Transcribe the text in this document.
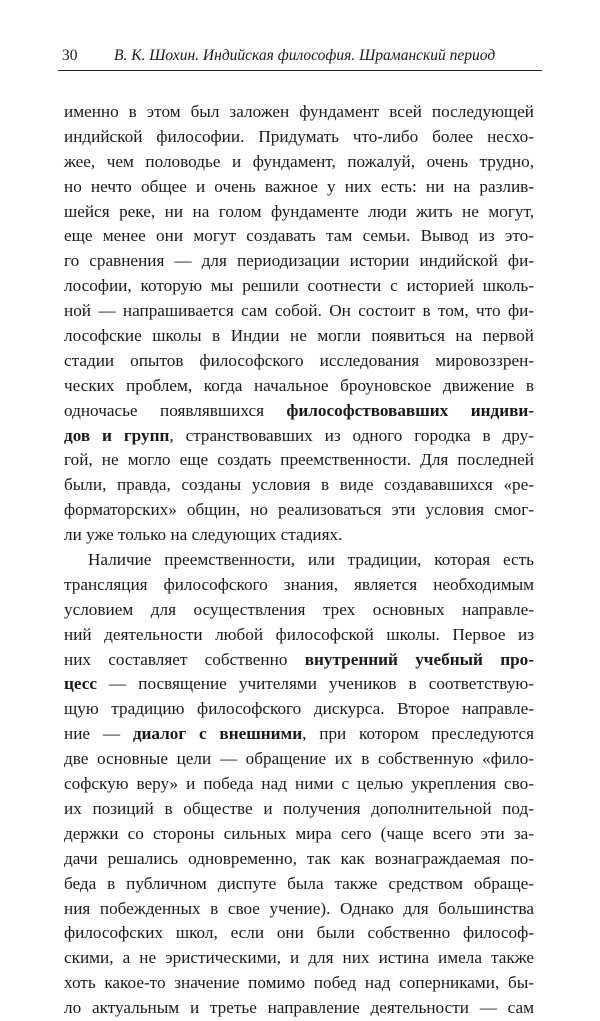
30 В. К. Шохин. Индийская философия. Шраманский период
именно в этом был заложен фундамент всей последующей
индийской философии. Придумать что-либо более несхо-
жее, чем половодье и фундамент, пожалуй, очень трудно,
но нечто общее и очень важное у них есть: ни на разлив-
шейся реке, ни на голом фундаменте люди жить не могут,
еще менее они могут создавать там семьи. Вывод из это-
го сравнения — для периодизации истории индийской фи-
лософии, которую мы решили соотнести с историей школь-
ной — напрашивается сам собой. Он состоит в том, что фи-
лософские школы в Индии не могли появиться на первой
стадии опытов философского исследования мировоззрен-
ческих проблем, когда начальное броуновское движение в
одночасье появлявшихся философствовавших индиви-
дов и групп, странствовавших из одного городка в дру-
гой, не могло еще создать преемственности. Для последней
были, правда, созданы условия в виде создававшихся «ре-
форматорских» общин, но реализоваться эти условия смог-
ли уже только на следующих стадиях.
Наличие преемственности, или традиции, которая есть
трансляция философского знания, является необходимым
условием для осуществления трех основных направле-
ний деятельности любой философской школы. Первое из
них составляет собственно внутренний учебный про-
цесс — посвящение учителями учеников в соответствую-
щую традицию философского дискурса. Второе направле-
ние — диалог с внешними, при котором преследуются
две основные цели — обращение их в собственную «фило-
софскую веру» и победа над ними с целью укрепления сво-
их позиций в обществе и получения дополнительной под-
держки со стороны сильных мира сего (чаще всего эти за-
дачи решались одновременно, так как вознаграждаемая по-
беда в публичном диспуте была также средством обраще-
ния побежденных в свое учение). Однако для большинства
философских школ, если они были собственно философ-
скими, а не эристическими, и для них истина имела также
хоть какое-то значение помимо побед над соперниками, бы-
ло актуальным и третье направление деятельности — сам
